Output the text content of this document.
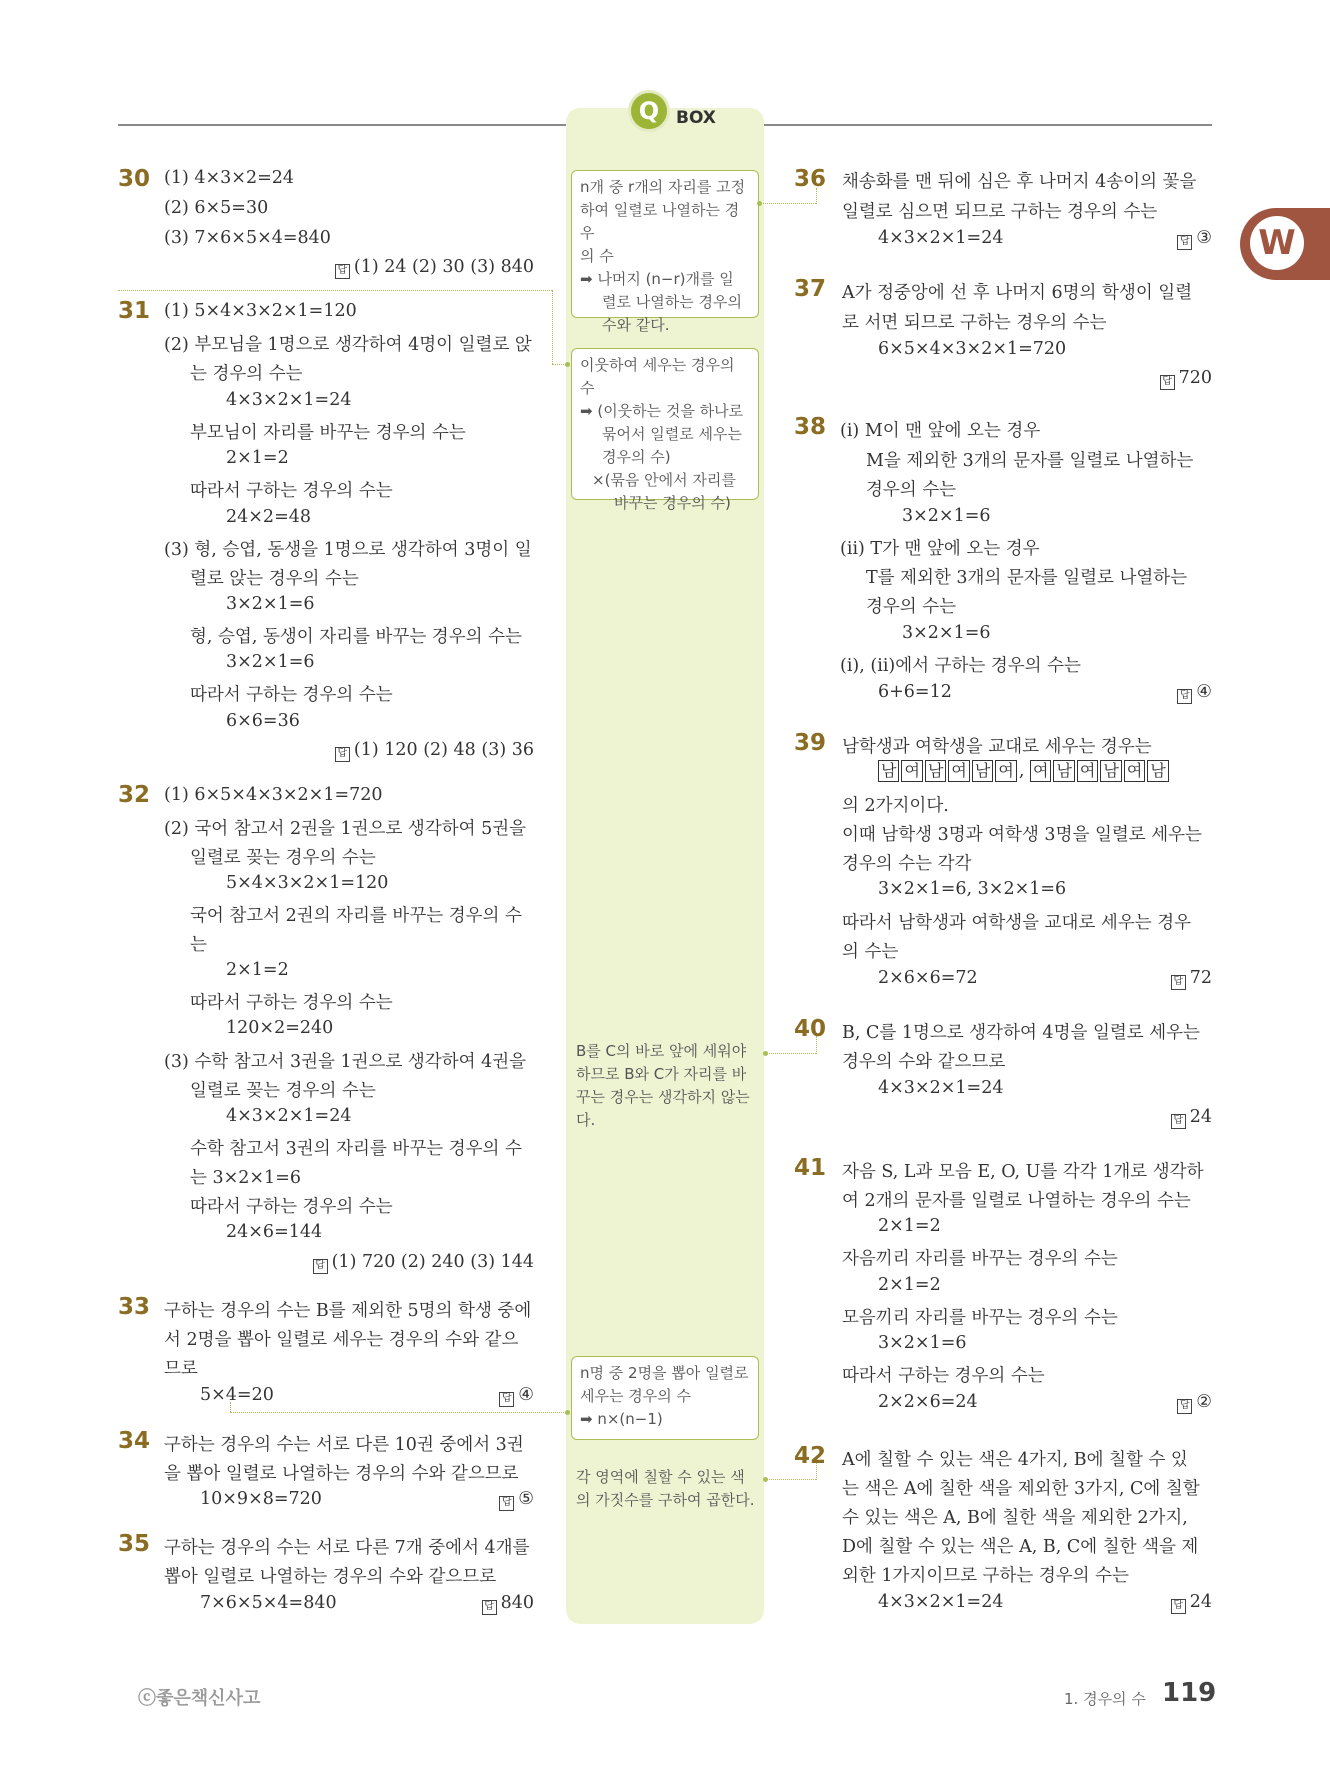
Q BOX
W
n개 중 r개의 자리를 고정
하여 일렬로 나열하는 경우
의 수
➡ 나머지 (n−r)개를 일
렬로 나열하는 경우의
수와 같다.
이웃하여 세우는 경우의 수
➡ (이웃하는 것을 하나로
묶어서 일렬로 세우는
경우의 수)
×(묶음 안에서 자리를
바꾸는 경우의 수)
B를 C의 바로 앞에 세워야
하므로 B와 C가 자리를 바
꾸는 경우는 생각하지 않는
다.
n명 중 2명을 뽑아 일렬로
세우는 경우의 수
➡ n×(n−1)
각 영역에 칠할 수 있는 색
의 가짓수를 구하여 곱한다.
30 (1) 4×3×2=24
(2) 6×5=30
(3) 7×6×5×4=840
답 (1) 24 (2) 30 (3) 840
31 (1) 5×4×3×2×1=120
(2) 부모님을 1명으로 생각하여 4명이 일렬로 앉
는 경우의 수는
4×3×2×1=24
부모님이 자리를 바꾸는 경우의 수는
2×1=2
따라서 구하는 경우의 수는
24×2=48
(3) 형, 승엽, 동생을 1명으로 생각하여 3명이 일
렬로 앉는 경우의 수는
3×2×1=6
형, 승엽, 동생이 자리를 바꾸는 경우의 수는
3×2×1=6
따라서 구하는 경우의 수는
6×6=36
답 (1) 120 (2) 48 (3) 36
32 (1) 6×5×4×3×2×1=720
(2) 국어 참고서 2권을 1권으로 생각하여 5권을
일렬로 꽂는 경우의 수는
5×4×3×2×1=120
국어 참고서 2권의 자리를 바꾸는 경우의 수
는
2×1=2
따라서 구하는 경우의 수는
120×2=240
(3) 수학 참고서 3권을 1권으로 생각하여 4권을
일렬로 꽂는 경우의 수는
4×3×2×1=24
수학 참고서 3권의 자리를 바꾸는 경우의 수
는 3×2×1=6
따라서 구하는 경우의 수는
24×6=144
답 (1) 720 (2) 240 (3) 144
33 구하는 경우의 수는 B를 제외한 5명의 학생 중에
서 2명을 뽑아 일렬로 세우는 경우의 수와 같으
므로
5×4=20	답 ④
34 구하는 경우의 수는 서로 다른 10권 중에서 3권
을 뽑아 일렬로 나열하는 경우의 수와 같으므로
10×9×8=720	답 ⑤
35 구하는 경우의 수는 서로 다른 7개 중에서 4개를
뽑아 일렬로 나열하는 경우의 수와 같으므로
7×6×5×4=840	답 840
36 채송화를 맨 뒤에 심은 후 나머지 4송이의 꽃을
일렬로 심으면 되므로 구하는 경우의 수는
4×3×2×1=24	답 ③
37 A가 정중앙에 선 후 나머지 6명의 학생이 일렬
로 서면 되므로 구하는 경우의 수는
6×5×4×3×2×1=720
답 720
38 (ⅰ) M이 맨 앞에 오는 경우
M을 제외한 3개의 문자를 일렬로 나열하는
경우의 수는
3×2×1=6
(ⅱ) T가 맨 앞에 오는 경우
T를 제외한 3개의 문자를 일렬로 나열하는
경우의 수는
3×2×1=6
(ⅰ), (ⅱ)에서 구하는 경우의 수는
6+6=12	답 ④
39 남학생과 여학생을 교대로 세우는 경우는
남 여 남 여 남 여 , 여 남 여 남 여 남
의 2가지이다.
이때 남학생 3명과 여학생 3명을 일렬로 세우는
경우의 수는 각각
3×2×1=6, 3×2×1=6
따라서 남학생과 여학생을 교대로 세우는 경우
의 수는
2×6×6=72	답 72
40 B, C를 1명으로 생각하여 4명을 일렬로 세우는
경우의 수와 같으므로
4×3×2×1=24
답 24
41 자음 S, L과 모음 E, O, U를 각각 1개로 생각하
여 2개의 문자를 일렬로 나열하는 경우의 수는
2×1=2
자음끼리 자리를 바꾸는 경우의 수는
2×1=2
모음끼리 자리를 바꾸는 경우의 수는
3×2×1=6
따라서 구하는 경우의 수는
2×2×6=24	답 ②
42 A에 칠할 수 있는 색은 4가지, B에 칠할 수 있
는 색은 A에 칠한 색을 제외한 3가지, C에 칠할
수 있는 색은 A, B에 칠한 색을 제외한 2가지,
D에 칠할 수 있는 색은 A, B, C에 칠한 색을 제
외한 1가지이므로 구하는 경우의 수는
4×3×2×1=24	답 24
ⓒ좋은책신사고	1. 경우의 수 119
